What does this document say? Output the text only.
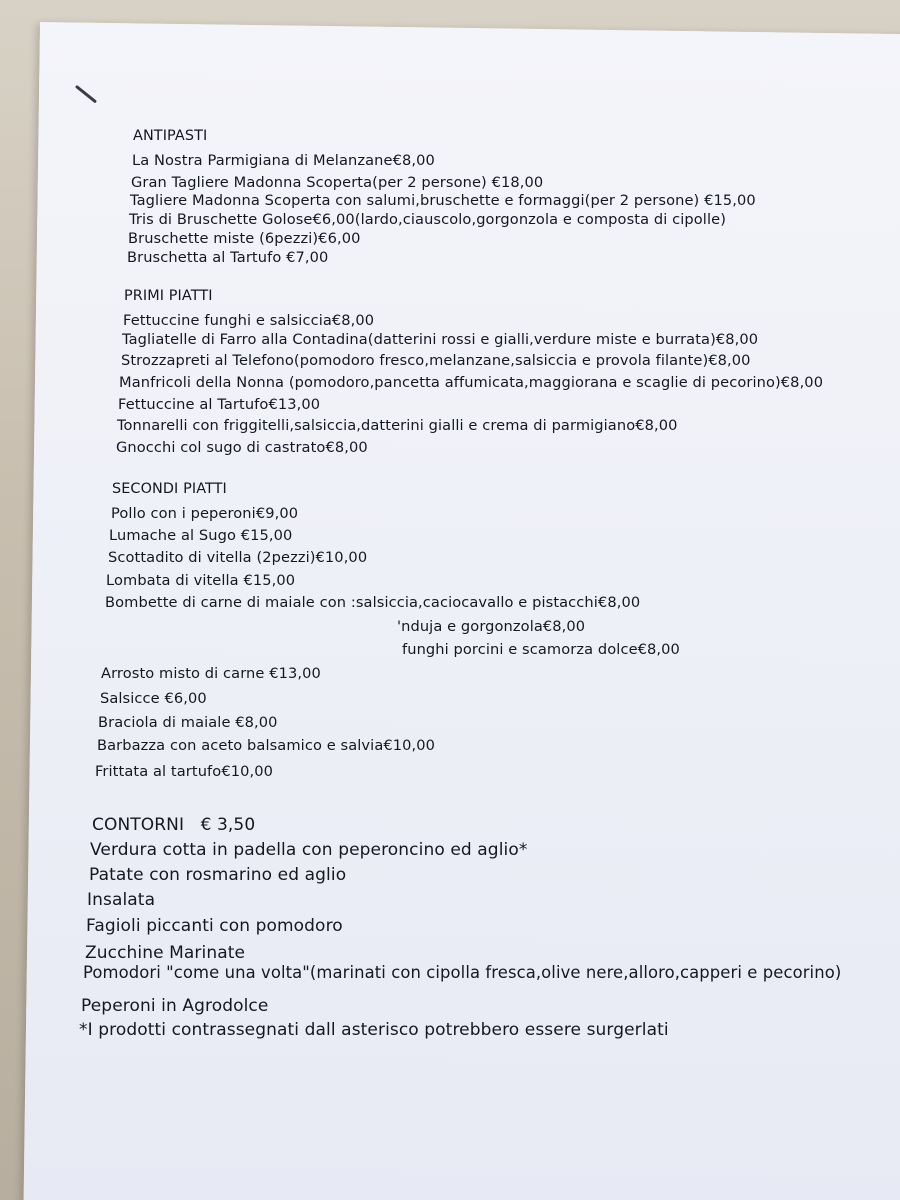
ANTIPASTI
La Nostra Parmigiana di Melanzane€8,00
Gran Tagliere Madonna Scoperta(per 2 persone) €18,00
Tagliere Madonna Scoperta con salumi,bruschette e formaggi(per 2 persone) €15,00
Tris di Bruschette Golose€6,00(lardo,ciauscolo,gorgonzola e composta di cipolle)
Bruschette miste (6pezzi)€6,00
Bruschetta al Tartufo €7,00
PRIMI PIATTI
Fettuccine funghi e salsiccia€8,00
Tagliatelle di Farro alla Contadina(datterini rossi e gialli,verdure miste e burrata)€8,00
Strozzapreti al Telefono(pomodoro fresco,melanzane,salsiccia e provola filante)€8,00
Manfricoli della Nonna (pomodoro,pancetta affumicata,maggiorana e scaglie di pecorino)€8,00
Fettuccine al Tartufo€13,00
Tonnarelli con friggitelli,salsiccia,datterini gialli e crema di parmigiano€8,00
Gnocchi col sugo di castrato€8,00
SECONDI PIATTI
Pollo con i peperoni€9,00
Lumache al Sugo €15,00
Scottadito di vitella (2pezzi)€10,00
Lombata di vitella €15,00
Bombette di carne di maiale con :salsiccia,caciocavallo e pistacchi€8,00
'nduja e gorgonzola€8,00
funghi porcini e scamorza dolce€8,00
Arrosto misto di carne €13,00
Salsicce €6,00
Braciola di maiale €8,00
Barbazza con aceto balsamico e salvia€10,00
Frittata al tartufo€10,00
CONTORNI   € 3,50
Verdura cotta in padella con peperoncino ed aglio*
Patate con rosmarino ed aglio
Insalata
Fagioli piccanti con pomodoro
Zucchine Marinate
Pomodori "come una volta"(marinati con cipolla fresca,olive nere,alloro,capperi e pecorino)
Peperoni in Agrodolce
*I prodotti contrassegnati dall asterisco potrebbero essere surgerlati
